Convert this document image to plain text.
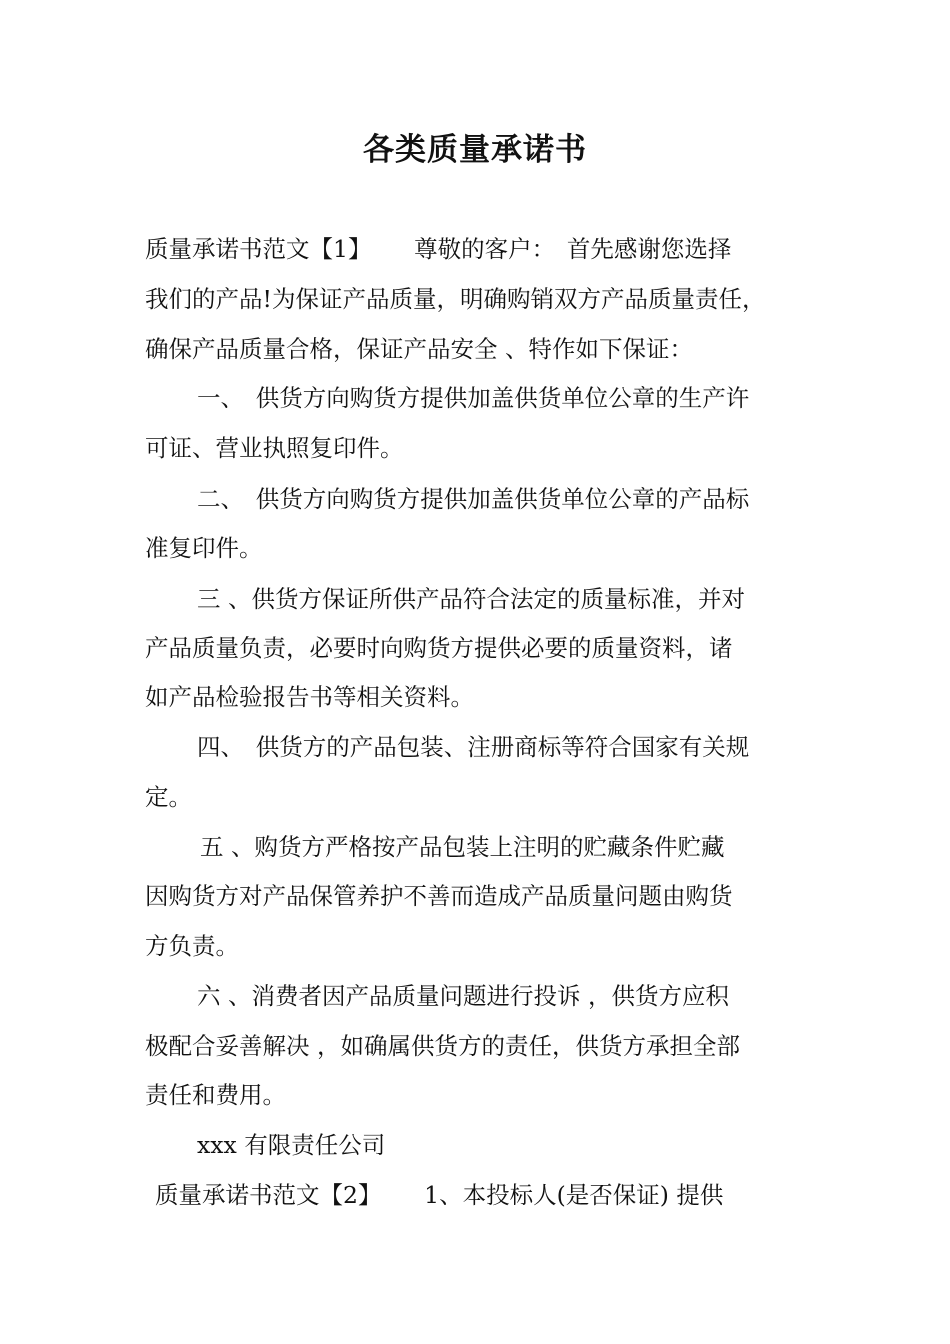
各类质量承诺书
质量承诺书范文【1】　　 尊敬的客户：　首先感谢您选择
我们的产品!为保证产品质量，明确购销双方产品质量责任，
确保产品质量合格，保证产品安全 、特作如下保证：
一、　供货方向购货方提供加盖供货单位公章的生产许
可证、营业执照复印件。
二、　供货方向购货方提供加盖供货单位公章的产品标
准复印件。
三 、供货方保证所供产品符合法定的质量标准，并对
产品质量负责，必要时向购货方提供必要的质量资料，诸
如产品检验报告书等相关资料。
四、　供货方的产品包装、注册商标等符合国家有关规
定。
五 、购货方严格按产品包装上注明的贮藏条件贮藏
因购货方对产品保管养护不善而造成产品质量问题由购货
方负责。
六 、消费者因产品质量问题进行投诉 ，供货方应积
极配合妥善解决 ，如确属供货方的责任，供货方承担全部
责任和费用。
xxx 有限责任公司
质量承诺书范文【2】　　 1、本投标人(是否保证) 提供
